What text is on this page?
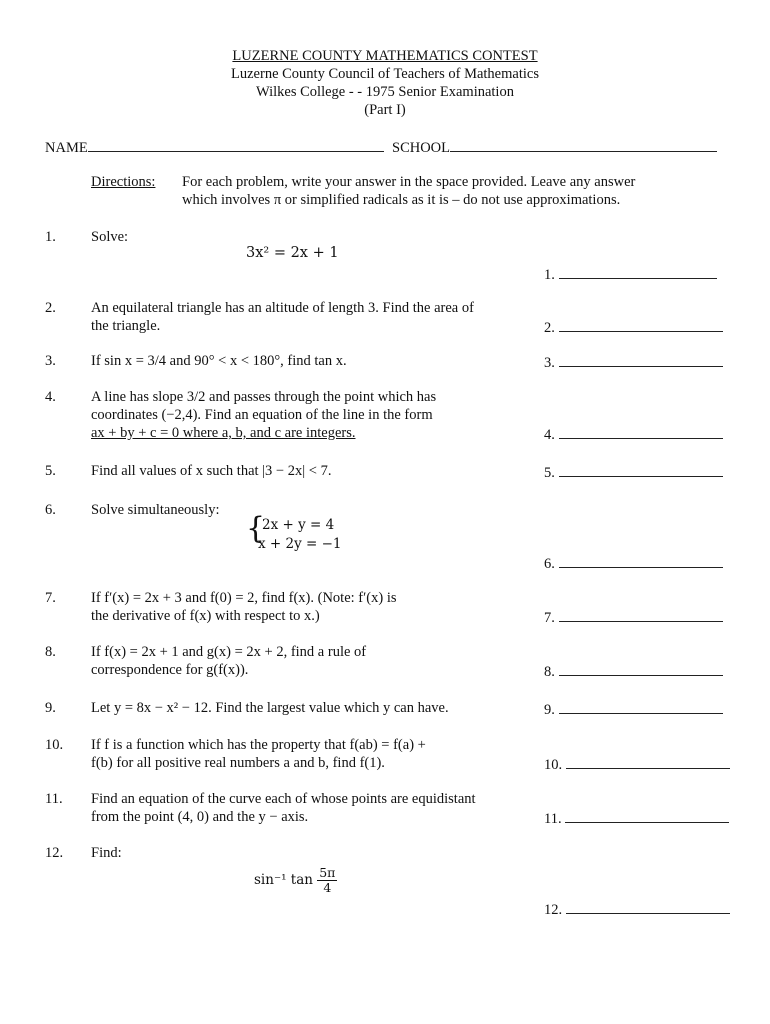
LUZERNE COUNTY MATHEMATICS CONTEST
Luzerne County Council of Teachers of Mathematics
Wilkes College - - 1975 Senior Examination
(Part I)
NAME	SCHOOL
Directions: For each problem, write your answer in the space provided. Leave any answer
which involves π or simplified radicals as it is – do not use approximations.
1. Solve:
3x² = 2x + 1
1.
2. An equilateral triangle has an altitude of length 3. Find the area of
the triangle.	2.
3. If sin x = 3/4 and 90° < x < 180°, find tan x.	3.
4. A line has slope 3/2 and passes through the point which has
coordinates (−2,4). Find an equation of the line in the form
ax + by + c = 0 where a, b, and c are integers.	4.
5. Find all values of x such that |3 − 2x| < 7.	5.
6. Solve simultaneously:
{
2x + y = 4
x + 2y = −1
6.
7. If f′(x) = 2x + 3 and f(0) = 2, find f(x). (Note: f′(x) is
the derivative of f(x) with respect to x.)	7.
8. If f(x) = 2x + 1 and g(x) = 2x + 2, find a rule of
correspondence for g(f(x)).	8.
9. Let y = 8x − x² − 12. Find the largest value which y can have.	9.
10. If f is a function which has the property that f(ab) = f(a) +
f(b) for all positive real numbers a and b, find f(1).	10.
11. Find an equation of the curve each of whose points are equidistant
from the point (4, 0) and the y − axis.	11.
12. Find:
sin⁻¹ $\tan \frac{5\pi}{4}$
12.
